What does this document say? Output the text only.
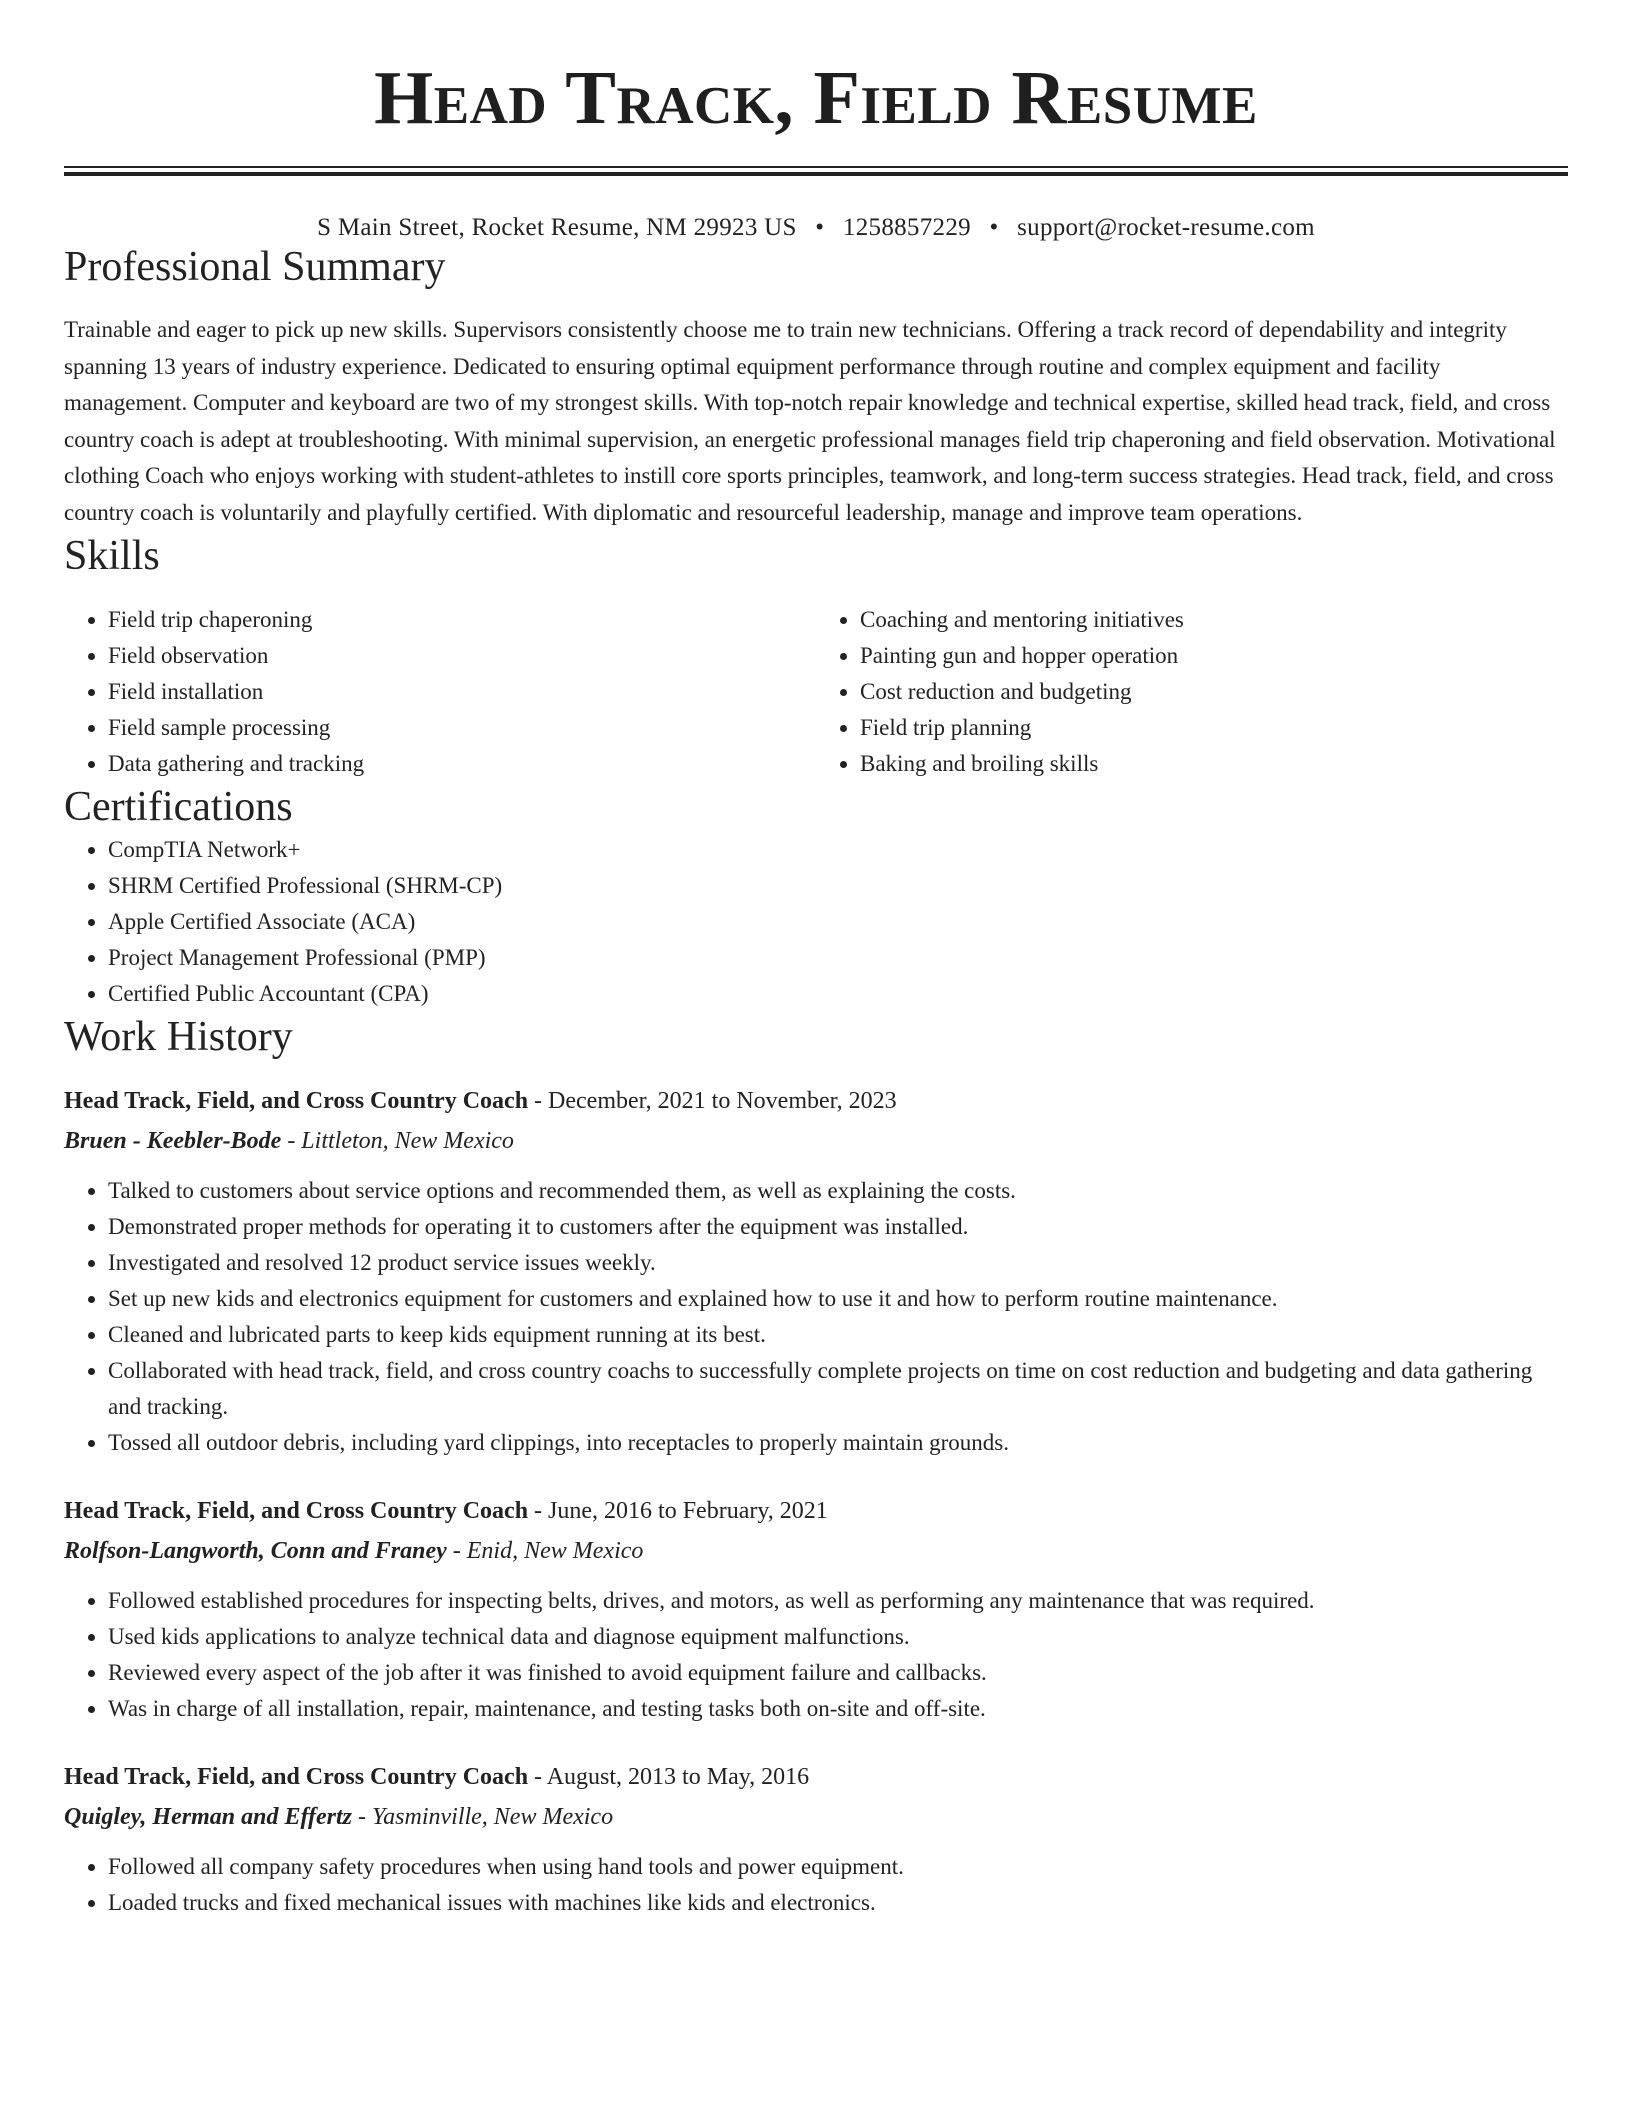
Head Track, Field Resume
S Main Street, Rocket Resume, NM 29923 US • 1258857229 • support@rocket-resume.com
Professional Summary

Trainable and eager to pick up new skills. Supervisors consistently choose me to train new technicians. Offering a track record of dependability and integrity spanning 13 years of industry experience. Dedicated to ensuring optimal equipment performance through routine and complex equipment and facility management. Computer and keyboard are two of my strongest skills. With top-notch repair knowledge and technical expertise, skilled head track, field, and cross country coach is adept at troubleshooting. With minimal supervision, an energetic professional manages field trip chaperoning and field observation. Motivational clothing Coach who enjoys working with student-athletes to instill core sports principles, teamwork, and long-term success strategies. Head track, field, and cross country coach is voluntarily and playfully certified. With diplomatic and resourceful leadership, manage and improve team operations.

Skills
• Field trip chaperoning
• Field observation
• Field installation
• Field sample processing
• Data gathering and tracking
• Coaching and mentoring initiatives
• Painting gun and hopper operation
• Cost reduction and budgeting
• Field trip planning
• Baking and broiling skills
Certifications
• CompTIA Network+
• SHRM Certified Professional (SHRM-CP)
• Apple Certified Associate (ACA)
• Project Management Professional (PMP)
• Certified Public Accountant (CPA)
Work History
Head Track, Field, and Cross Country Coach - December, 2021 to November, 2023
Bruen - Keebler-Bode - Littleton, New Mexico
• Talked to customers about service options and recommended them, as well as explaining the costs.
• Demonstrated proper methods for operating it to customers after the equipment was installed.
• Investigated and resolved 12 product service issues weekly.
• Set up new kids and electronics equipment for customers and explained how to use it and how to perform routine maintenance.
• Cleaned and lubricated parts to keep kids equipment running at its best.
• Collaborated with head track, field, and cross country coachs to successfully complete projects on time on cost reduction and budgeting and data gathering and tracking.
• Tossed all outdoor debris, including yard clippings, into receptacles to properly maintain grounds.
Head Track, Field, and Cross Country Coach - June, 2016 to February, 2021
Rolfson-Langworth, Conn and Franey - Enid, New Mexico
• Followed established procedures for inspecting belts, drives, and motors, as well as performing any maintenance that was required.
• Used kids applications to analyze technical data and diagnose equipment malfunctions.
• Reviewed every aspect of the job after it was finished to avoid equipment failure and callbacks.
• Was in charge of all installation, repair, maintenance, and testing tasks both on-site and off-site.
Head Track, Field, and Cross Country Coach - August, 2013 to May, 2016
Quigley, Herman and Effertz - Yasminville, New Mexico
• Followed all company safety procedures when using hand tools and power equipment.
• Loaded trucks and fixed mechanical issues with machines like kids and electronics.
